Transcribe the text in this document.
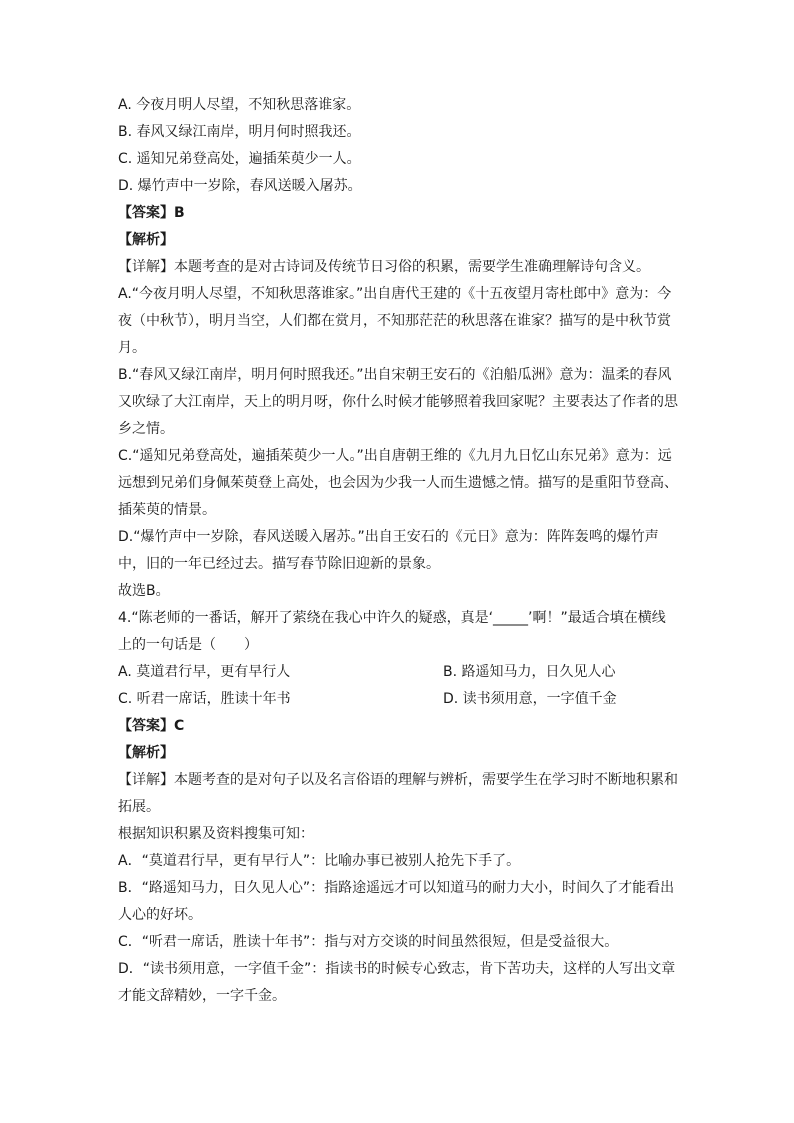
A. 今夜月明人尽望，不知秋思落谁家。
B. 春风又绿江南岸，明月何时照我还。
C. 遥知兄弟登高处，遍插茱萸少一人。
D. 爆竹声中一岁除，春风送暖入屠苏。
【答案】B
【解析】
【详解】本题考查的是对古诗词及传统节日习俗的积累，需要学生准确理解诗句含义。
A.“今夜月明人尽望，不知秋思落谁家。”出自唐代王建的《十五夜望月寄杜郎中》意为：今夜（中秋节），明月当空，人们都在赏月，不知那茫茫的秋思落在谁家？描写的是中秋节赏月。
B.“春风又绿江南岸，明月何时照我还。”出自宋朝王安石的《泊船瓜洲》意为：温柔的春风又吹绿了大江南岸，天上的明月呀，你什么时候才能够照着我回家呢？主要表达了作者的思乡之情。
C.“遥知兄弟登高处，遍插茱萸少一人。”出自唐朝王维的《九月九日忆山东兄弟》意为：远远想到兄弟们身佩茱萸登上高处，也会因为少我一人而生遗憾之情。描写的是重阳节登高、插茱萸的情景。
D.“爆竹声中一岁除，春风送暖入屠苏。”出自王安石的《元日》意为：阵阵轰鸣的爆竹声中，旧的一年已经过去。描写春节除旧迎新的景象。
故选B。
4.“陈老师的一番话，解开了萦绕在我心中许久的疑惑，真是‘_____’啊！”最适合填在横线上的一句话是（　　）
A. 莫道君行早，更有早行人	B. 路遥知马力，日久见人心
C. 听君一席话，胜读十年书	D. 读书须用意，一字值千金
【答案】C
【解析】
【详解】本题考查的是对句子以及名言俗语的理解与辨析，需要学生在学习时不断地积累和拓展。
根据知识积累及资料搜集可知：
A．“莫道君行早，更有早行人”：比喻办事已被别人抢先下手了。
B．“路遥知马力，日久见人心”：指路途遥远才可以知道马的耐力大小，时间久了才能看出人心的好坏。
C．“听君一席话，胜读十年书”：指与对方交谈的时间虽然很短，但是受益很大。
D．“读书须用意，一字值千金”：指读书的时候专心致志，肯下苦功夫，这样的人写出文章才能文辞精妙，一字千金。
